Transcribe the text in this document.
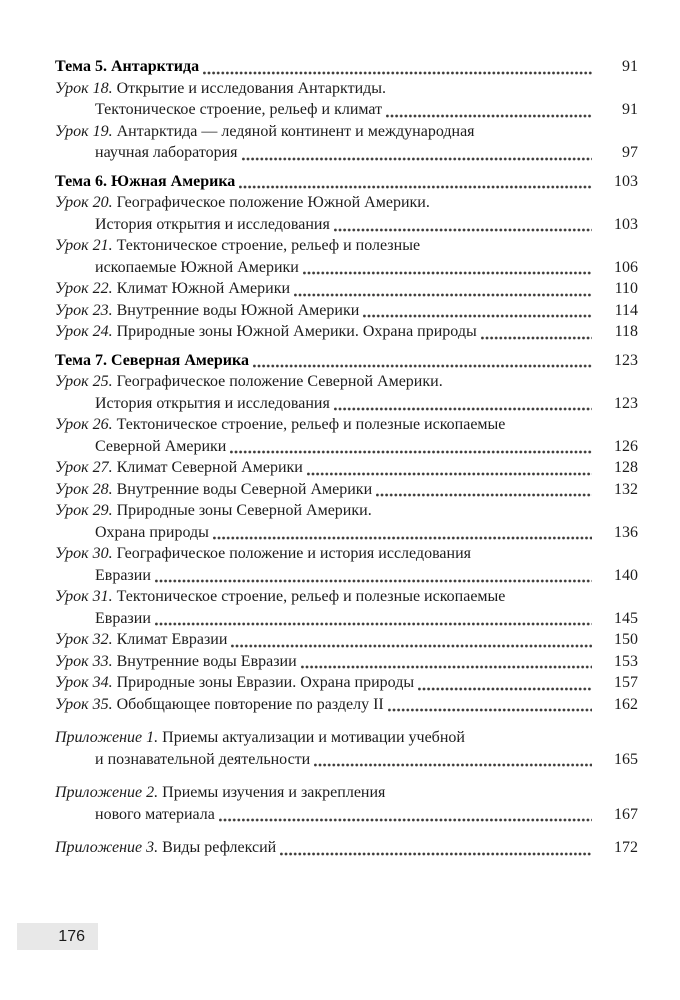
Тема 5. Антарктида	91
Урок 18. Открытие и исследования Антарктиды.
Тектоническое строение, рельеф и климат	91
Урок 19. Антарктида — ледяной континент и международная
научная лаборатория	97
Тема 6. Южная Америка	103
Урок 20. Географическое положение Южной Америки.
История открытия и исследования	103
Урок 21. Тектоническое строение, рельеф и полезные
ископаемые Южной Америки	106
Урок 22. Климат Южной Америки	110
Урок 23. Внутренние воды Южной Америки	114
Урок 24. Природные зоны Южной Америки. Охрана природы	118
Тема 7. Северная Америка	123
Урок 25. Географическое положение Северной Америки.
История открытия и исследования	123
Урок 26. Тектоническое строение, рельеф и полезные ископаемые
Северной Америки	126
Урок 27. Климат Северной Америки	128
Урок 28. Внутренние воды Северной Америки	132
Урок 29. Природные зоны Северной Америки.
Охрана природы	136
Урок 30. Географическое положение и история исследования
Евразии	140
Урок 31. Тектоническое строение, рельеф и полезные ископаемые
Евразии	145
Урок 32. Климат Евразии	150
Урок 33. Внутренние воды Евразии	153
Урок 34. Природные зоны Евразии. Охрана природы	157
Урок 35. Обобщающее повторение по разделу II	162
Приложение 1. Приемы актуализации и мотивации учебной
и познавательной деятельности	165
Приложение 2. Приемы изучения и закрепления
нового материала	167
Приложение 3. Виды рефлексий	172
176
